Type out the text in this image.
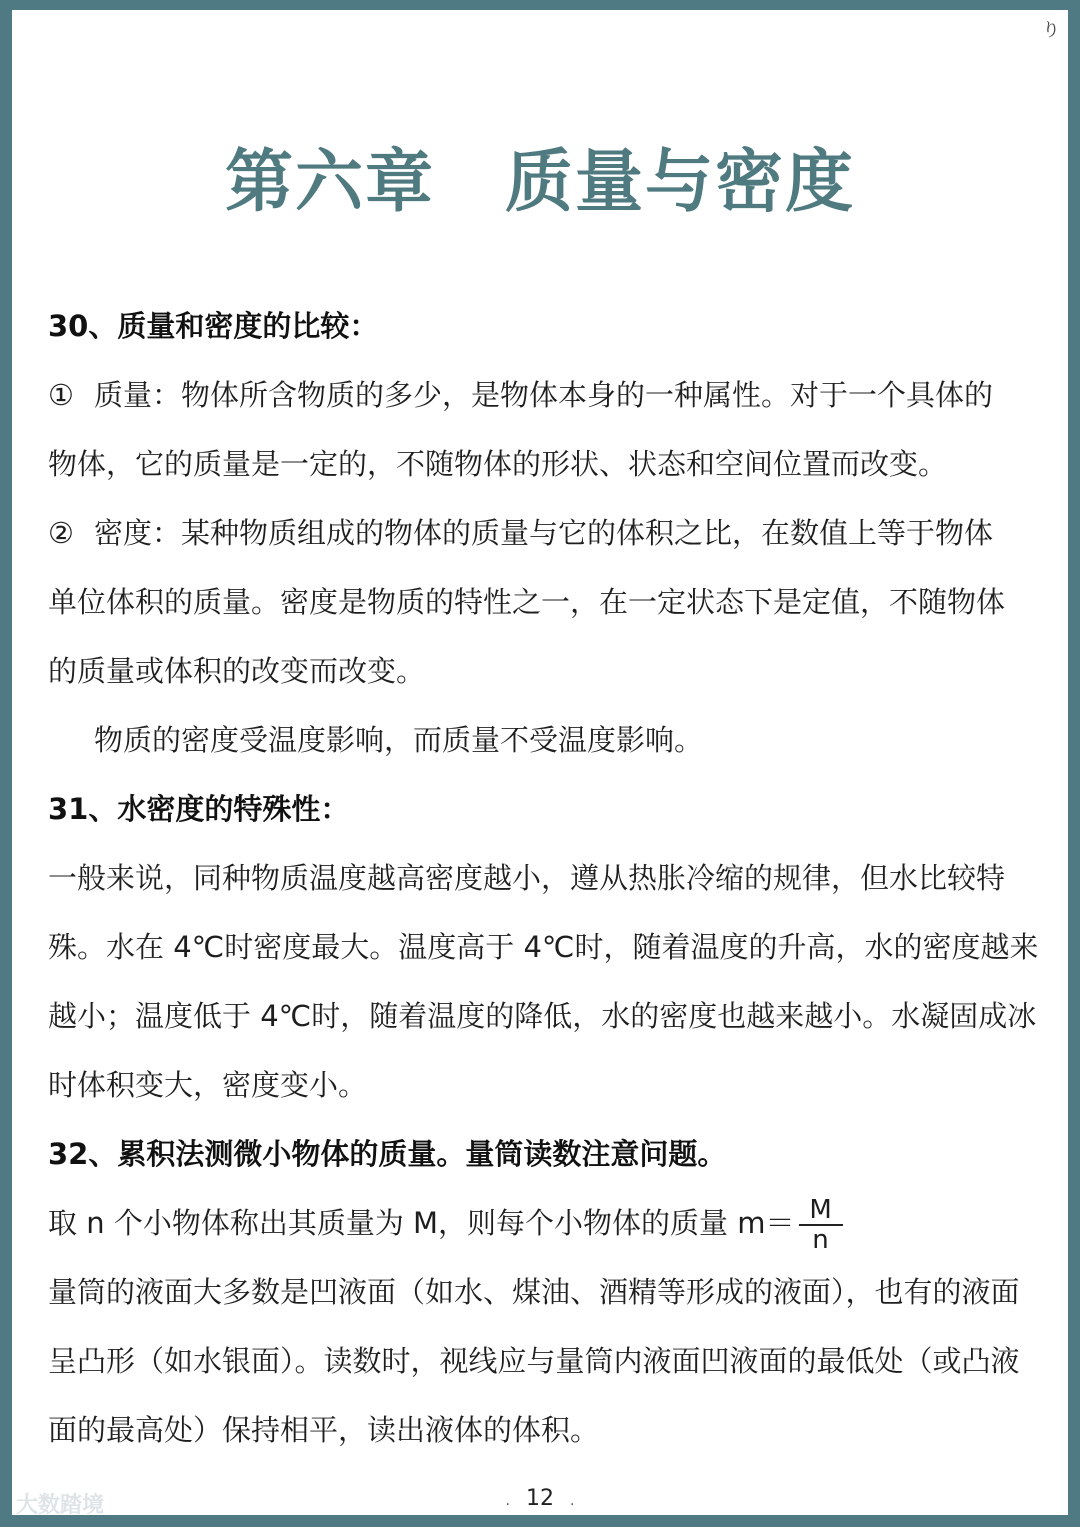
り
第六章 质量与密度

30、质量和密度的比较：

① 质量：物体所含物质的多少，是物体本身的一种属性。对于一个具体的

物体，它的质量是一定的，不随物体的形状、状态和空间位置而改变。

② 密度：某种物质组成的物体的质量与它的体积之比，在数值上等于物体

单位体积的质量。密度是物质的特性之一，在一定状态下是定值，不随物体

的质量或体积的改变而改变。

物质的密度受温度影响，而质量不受温度影响。

31、水密度的特殊性：

一般来说，同种物质温度越高密度越小，遵从热胀冷缩的规律，但水比较特

殊。水在 4℃时密度最大。温度高于 4℃时，随着温度的升高，水的密度越来

越小；温度低于 4℃时，随着温度的降低，水的密度也越来越小。水凝固成冰

时体积变大，密度变小。

32、累积法测微小物体的质量。量筒读数注意问题。

取 n 个小物体称出其质量为 M，则每个小物体的质量 $m= \frac{M}{n}$

量筒的液面大多数是凹液面（如水、煤油、酒精等形成的液面），也有的液面

呈凸形（如水银面）。读数时，视线应与量筒内液面凹液面的最低处（或凸液

面的最高处）保持相平，读出液体的体积。

. 12 .
大数踏境
